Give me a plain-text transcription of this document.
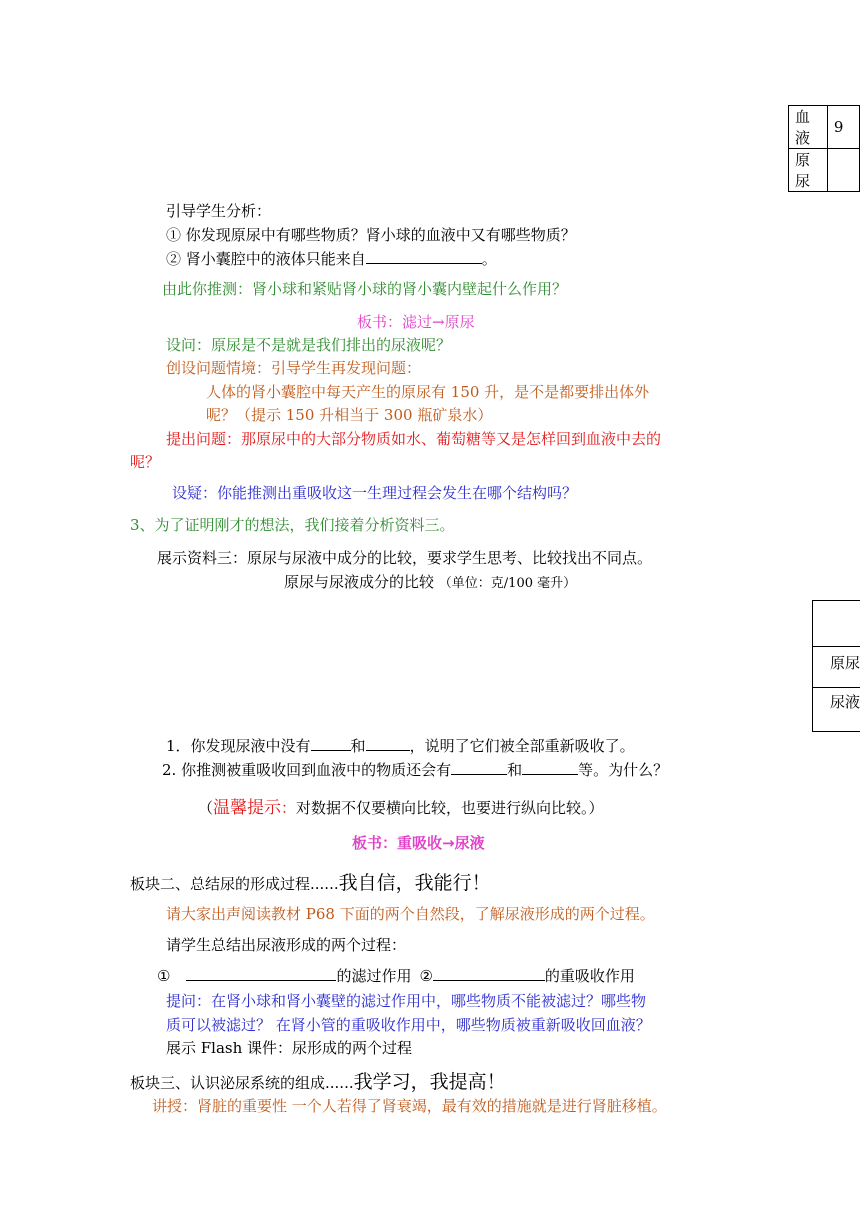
血液	9
原尿	
引导学生分析：
① 你发现原尿中有哪些物质？肾小球的血液中又有哪些物质？
② 肾小囊腔中的液体只能来自	。
由此你推测：肾小球和紧贴肾小球的肾小囊内壁起什么作用？
板书：滤过→原尿
设问：原尿是不是就是我们排出的尿液呢？
创设问题情境：引导学生再发现问题：
人体的肾小囊腔中每天产生的原尿有 150 升，是不是都要排出体外
呢？（提示 150 升相当于 300 瓶矿泉水）
提出问题：那原尿中的大部分物质如水、葡萄糖等又是怎样回到血液中去的
呢？
设疑：你能推测出重吸收这一生理过程会发生在哪个结构吗？
3、为了证明刚才的想法，我们接着分析资料三。
展示资料三：原尿与尿液中成分的比较，要求学生思考、比较找出不同点。
原尿与尿液成分的比较 （单位：克/100 毫升）
原尿
尿液
1．你发现尿液中没有	和	，说明了它们被全部重新吸收了。
2. 你推测被重吸收回到血液中的物质还会有	和	等。为什么？
（温馨提示：对数据不仅要横向比较，也要进行纵向比较。）
板书：重吸收→尿液
板块二、总结尿的形成过程......我自信，我能行！
请大家出声阅读教材 P68 下面的两个自然段，了解尿液形成的两个过程。
请学生总结出尿液形成的两个过程：
①	的滤过作用 ②	的重吸收作用
提问：在肾小球和肾小囊壁的滤过作用中，哪些物质不能被滤过？哪些物
质可以被滤过？ 在肾小管的重吸收作用中，哪些物质被重新吸收回血液？
展示 Flash 课件：尿形成的两个过程
板块三、认识泌尿系统的组成......我学习，我提高！
讲授：肾脏的重要性 一个人若得了肾衰竭，最有效的措施就是进行肾脏移植。
